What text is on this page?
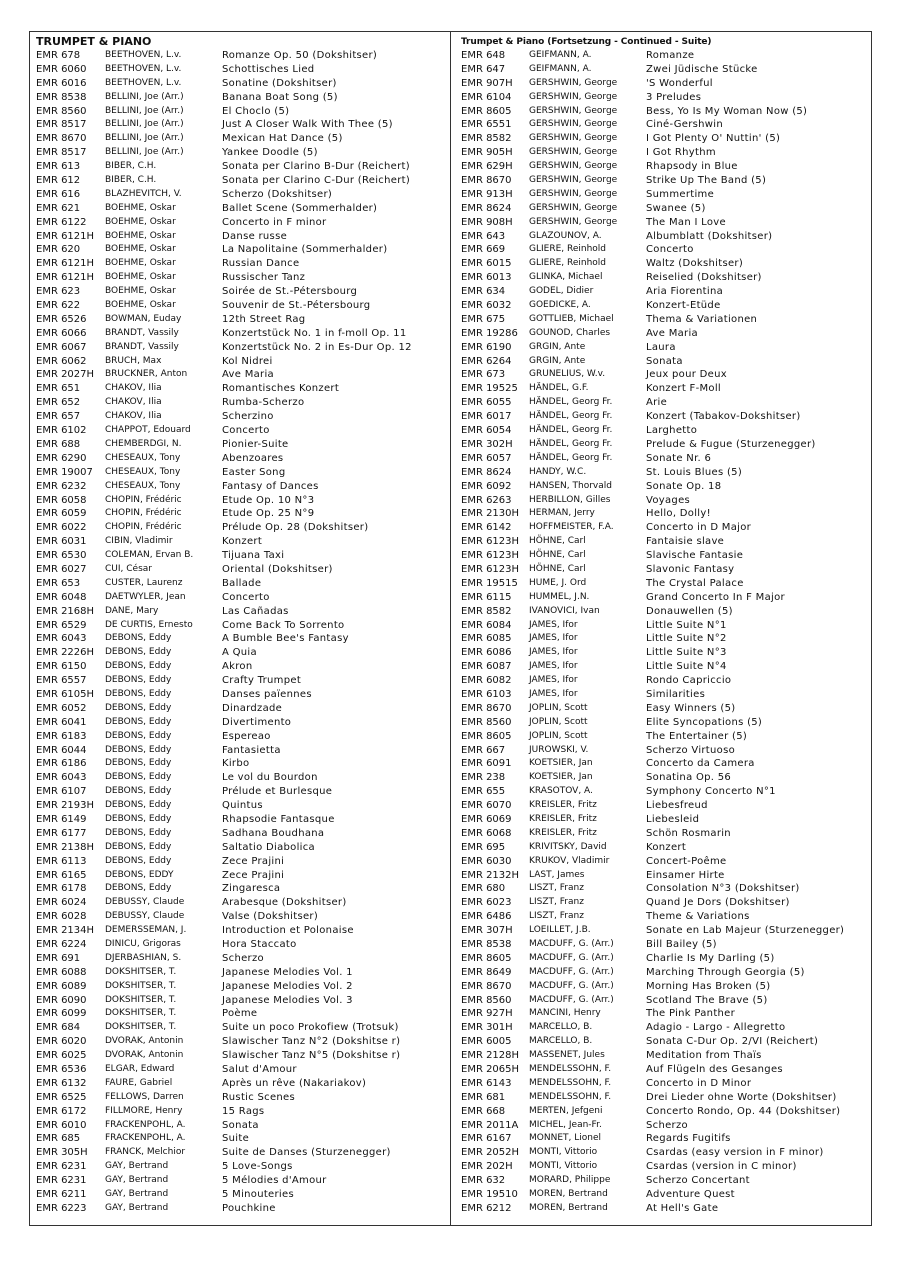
TRUMPET & PIANO
EMR 678	BEETHOVEN, L.v.	Romanze Op. 50 (Dokshitser)
EMR 6060 BEETHOVEN, L.v.	Schottisches Lied
EMR 6016 BEETHOVEN, L.v.	Sonatine (Dokshitser)
EMR 8538 BELLINI, Joe (Arr.)	Banana Boat Song (5)
EMR 8560 BELLINI, Joe (Arr.)	El Choclo (5)
EMR 8517 BELLINI, Joe (Arr.)	Just A Closer Walk With Thee (5)
EMR 8670 BELLINI, Joe (Arr.)	Mexican Hat Dance (5)
EMR 8517 BELLINI, Joe (Arr.)	Yankee Doodle (5)
EMR 613	BIBER, C.H.	Sonata per Clarino B-Dur (Reichert)
EMR 612	BIBER, C.H.	Sonata per Clarino C-Dur (Reichert)
EMR 616	BLAZHEVITCH, V.	Scherzo (Dokshitser)
EMR 621	BOEHME, Oskar	Ballet Scene (Sommerhalder)
EMR 6122 BOEHME, Oskar	Concerto in F minor
EMR 6121H BOEHME, Oskar	Danse russe
EMR 620	BOEHME, Oskar	La Napolitaine (Sommerhalder)
EMR 6121H BOEHME, Oskar	Russian Dance
EMR 6121H BOEHME, Oskar	Russischer Tanz
EMR 623	BOEHME, Oskar	Soirée de St.-Pétersbourg
EMR 622	BOEHME, Oskar	Souvenir de St.-Pétersbourg
EMR 6526 BOWMAN, Euday	12th Street Rag
EMR 6066 BRANDT, Vassily	Konzertstück No. 1 in f-moll Op. 11
EMR 6067 BRANDT, Vassily	Konzertstück No. 2 in Es-Dur Op. 12
EMR 6062 BRUCH, Max	Kol Nidrei
EMR 2027H BRUCKNER, Anton	Ave Maria
EMR 651	CHAKOV, Ilia	Romantisches Konzert
EMR 652	CHAKOV, Ilia	Rumba-Scherzo
EMR 657	CHAKOV, Ilia	Scherzino
EMR 6102 CHAPPOT, Edouard	Concerto
EMR 688	CHEMBERDGI, N.	Pionier-Suite
EMR 6290 CHESEAUX, Tony	Abenzoares
EMR 19007 CHESEAUX, Tony	Easter Song
EMR 6232 CHESEAUX, Tony	Fantasy of Dances
EMR 6058 CHOPIN, Frédéric	Etude Op. 10 N°3
EMR 6059 CHOPIN, Frédéric	Etude Op. 25 N°9
EMR 6022 CHOPIN, Frédéric	Prélude Op. 28 (Dokshitser)
EMR 6031 CIBIN, Vladimir	Konzert
EMR 6530 COLEMAN, Ervan B.	Tijuana Taxi
EMR 6027 CUI, César	Oriental (Dokshitser)
EMR 653	CUSTER, Laurenz	Ballade
EMR 6048 DAETWYLER, Jean	Concerto
EMR 2168H DANE, Mary	Las Cañadas
EMR 6529 DE CURTIS, Ernesto	Come Back To Sorrento
EMR 6043 DEBONS, Eddy	A Bumble Bee's Fantasy
EMR 2226H DEBONS, Eddy	A Quia
EMR 6150 DEBONS, Eddy	Akron
EMR 6557 DEBONS, Eddy	Crafty Trumpet
EMR 6105H DEBONS, Eddy	Danses païennes
EMR 6052 DEBONS, Eddy	Dinardzade
EMR 6041 DEBONS, Eddy	Divertimento
EMR 6183 DEBONS, Eddy	Espereao
EMR 6044 DEBONS, Eddy	Fantasietta
EMR 6186 DEBONS, Eddy	Kirbo
EMR 6043 DEBONS, Eddy	Le vol du Bourdon
EMR 6107 DEBONS, Eddy	Prélude et Burlesque
EMR 2193H DEBONS, Eddy	Quintus
EMR 6149 DEBONS, Eddy	Rhapsodie Fantasque
EMR 6177 DEBONS, Eddy	Sadhana Boudhana
EMR 2138H DEBONS, Eddy	Saltatio Diabolica
EMR 6113 DEBONS, Eddy	Zece Prajini
EMR 6165 DEBONS, EDDY	Zece Prajini
EMR 6178 DEBONS, Eddy	Zingaresca
EMR 6024 DEBUSSY, Claude	Arabesque (Dokshitser)
EMR 6028 DEBUSSY, Claude	Valse (Dokshitser)
EMR 2134H DEMERSSEMAN, J.	Introduction et Polonaise
EMR 6224 DINICU, Grigoras	Hora Staccato
EMR 691	DJERBASHIAN, S.	Scherzo
EMR 6088 DOKSHITSER, T.	Japanese Melodies Vol. 1
EMR 6089 DOKSHITSER, T.	Japanese Melodies Vol. 2
EMR 6090 DOKSHITSER, T.	Japanese Melodies Vol. 3
EMR 6099 DOKSHITSER, T.	Poème
EMR 684	DOKSHITSER, T.	Suite un poco Prokofiew (Trotsuk)
EMR 6020 DVORAK, Antonin	Slawischer Tanz N°2 (Dokshitse r)
EMR 6025 DVORAK, Antonin	Slawischer Tanz N°5 (Dokshitse r)
EMR 6536 ELGAR, Edward	Salut d'Amour
EMR 6132 FAURE, Gabriel	Après un rêve (Nakariakov)
EMR 6525 FELLOWS, Darren	Rustic Scenes
EMR 6172 FILLMORE, Henry	15 Rags
EMR 6010 FRACKENPOHL, A.	Sonata
EMR 685	FRACKENPOHL, A.	Suite
EMR 305H FRANCK, Melchior	Suite de Danses (Sturzenegger)
EMR 6231 GAY, Bertrand	5 Love-Songs
EMR 6231 GAY, Bertrand	5 Mélodies d'Amour
EMR 6211 GAY, Bertrand	5 Minouteries
EMR 6223 GAY, Bertrand	Pouchkine
Trumpet & Piano (Fortsetzung - Continued - Suite)
EMR 648	GEIFMANN, A.	Romanze
EMR 647	GEIFMANN, A.	Zwei Jüdische Stücke
EMR 907H GERSHWIN, George	'S Wonderful
EMR 6104 GERSHWIN, George	3 Preludes
EMR 8605 GERSHWIN, George	Bess, Yo Is My Woman Now (5)
EMR 6551 GERSHWIN, George	Ciné-Gershwin
EMR 8582 GERSHWIN, George	I Got Plenty O' Nuttin' (5)
EMR 905H GERSHWIN, George	I Got Rhythm
EMR 629H GERSHWIN, George	Rhapsody in Blue
EMR 8670 GERSHWIN, George	Strike Up The Band (5)
EMR 913H GERSHWIN, George	Summertime
EMR 8624 GERSHWIN, George	Swanee (5)
EMR 908H GERSHWIN, George	The Man I Love
EMR 643	GLAZOUNOV, A.	Albumblatt (Dokshitser)
EMR 669	GLIERE, Reinhold	Concerto
EMR 6015 GLIERE, Reinhold	Waltz (Dokshitser)
EMR 6013 GLINKA, Michael	Reiselied (Dokshitser)
EMR 634	GODEL, Didier	Aria Fiorentina
EMR 6032 GOEDICKE, A.	Konzert-Etüde
EMR 675	GOTTLIEB, Michael	Thema & Variationen
EMR 19286 GOUNOD, Charles	Ave Maria
EMR 6190 GRGIN, Ante	Laura
EMR 6264 GRGIN, Ante	Sonata
EMR 673	GRUNELIUS, W.v.	Jeux pour Deux
EMR 19525 HÄNDEL, G.F.	Konzert F-Moll
EMR 6055 HÄNDEL, Georg Fr.	Arie
EMR 6017 HÄNDEL, Georg Fr.	Konzert (Tabakov-Dokshitser)
EMR 6054 HÄNDEL, Georg Fr.	Larghetto
EMR 302H HÄNDEL, Georg Fr.	Prelude & Fugue (Sturzenegger)
EMR 6057 HÄNDEL, Georg Fr.	Sonate Nr. 6
EMR 8624 HANDY, W.C.	St. Louis Blues (5)
EMR 6092 HANSEN, Thorvald	Sonate Op. 18
EMR 6263 HERBILLON, Gilles	Voyages
EMR 2130H HERMAN, Jerry	Hello, Dolly!
EMR 6142 HOFFMEISTER, F.A.	Concerto in D Major
EMR 6123H HÖHNE, Carl	Fantaisie slave
EMR 6123H HÖHNE, Carl	Slavische Fantasie
EMR 6123H HÖHNE, Carl	Slavonic Fantasy
EMR 19515 HUME, J. Ord	The Crystal Palace
EMR 6115 HUMMEL, J.N.	Grand Concerto In F Major
EMR 8582 IVANOVICI, Ivan	Donauwellen (5)
EMR 6084 JAMES, Ifor	Little Suite N°1
EMR 6085 JAMES, Ifor	Little Suite N°2
EMR 6086 JAMES, Ifor	Little Suite N°3
EMR 6087 JAMES, Ifor	Little Suite N°4
EMR 6082 JAMES, Ifor	Rondo Capriccio
EMR 6103 JAMES, Ifor	Similarities
EMR 8670 JOPLIN, Scott	Easy Winners (5)
EMR 8560 JOPLIN, Scott	Elite Syncopations (5)
EMR 8605 JOPLIN, Scott	The Entertainer (5)
EMR 667	JUROWSKI, V.	Scherzo Virtuoso
EMR 6091 KOETSIER, Jan	Concerto da Camera
EMR 238	KOETSIER, Jan	Sonatina Op. 56
EMR 655	KRASOTOV, A.	Symphony Concerto N°1
EMR 6070 KREISLER, Fritz	Liebesfreud
EMR 6069 KREISLER, Fritz	Liebesleid
EMR 6068 KREISLER, Fritz	Schön Rosmarin
EMR 695	KRIVITSKY, David	Konzert
EMR 6030 KRUKOV, Vladimir	Concert-Poême
EMR 2132H LAST, James	Einsamer Hirte
EMR 680	LISZT, Franz	Consolation N°3 (Dokshitser)
EMR 6023 LISZT, Franz	Quand Je Dors (Dokshitser)
EMR 6486 LISZT, Franz	Theme & Variations
EMR 307H LOEILLET, J.B.	Sonate en Lab Majeur (Sturzenegger)
EMR 8538 MACDUFF, G. (Arr.)	Bill Bailey (5)
EMR 8605 MACDUFF, G. (Arr.)	Charlie Is My Darling (5)
EMR 8649 MACDUFF, G. (Arr.)	Marching Through Georgia (5)
EMR 8670 MACDUFF, G. (Arr.)	Morning Has Broken (5)
EMR 8560 MACDUFF, G. (Arr.)	Scotland The Brave (5)
EMR 927H MANCINI, Henry	The Pink Panther
EMR 301H MARCELLO, B.	Adagio - Largo - Allegretto
EMR 6005 MARCELLO, B.	Sonata C-Dur Op. 2/VI (Reichert)
EMR 2128H MASSENET, Jules	Meditation from Thaïs
EMR 2065H MENDELSSOHN, F.	Auf Flügeln des Gesanges
EMR 6143 MENDELSSOHN, F.	Concerto in D Minor
EMR 681	MENDELSSOHN, F.	Drei Lieder ohne Worte (Dokshitser)
EMR 668	MERTEN, Jefgeni	Concerto Rondo, Op. 44 (Dokshitser)
EMR 2011A MICHEL, Jean-Fr.	Scherzo
EMR 6167 MONNET, Lionel	Regards Fugitifs
EMR 2052H MONTI, Vittorio	Csardas (easy version in F minor)
EMR 202H MONTI, Vittorio	Csardas (version in C minor)
EMR 632	MORARD, Philippe	Scherzo Concertant
EMR 19510 MOREN, Bertrand	Adventure Quest
EMR 6212 MOREN, Bertrand	At Hell's Gate
